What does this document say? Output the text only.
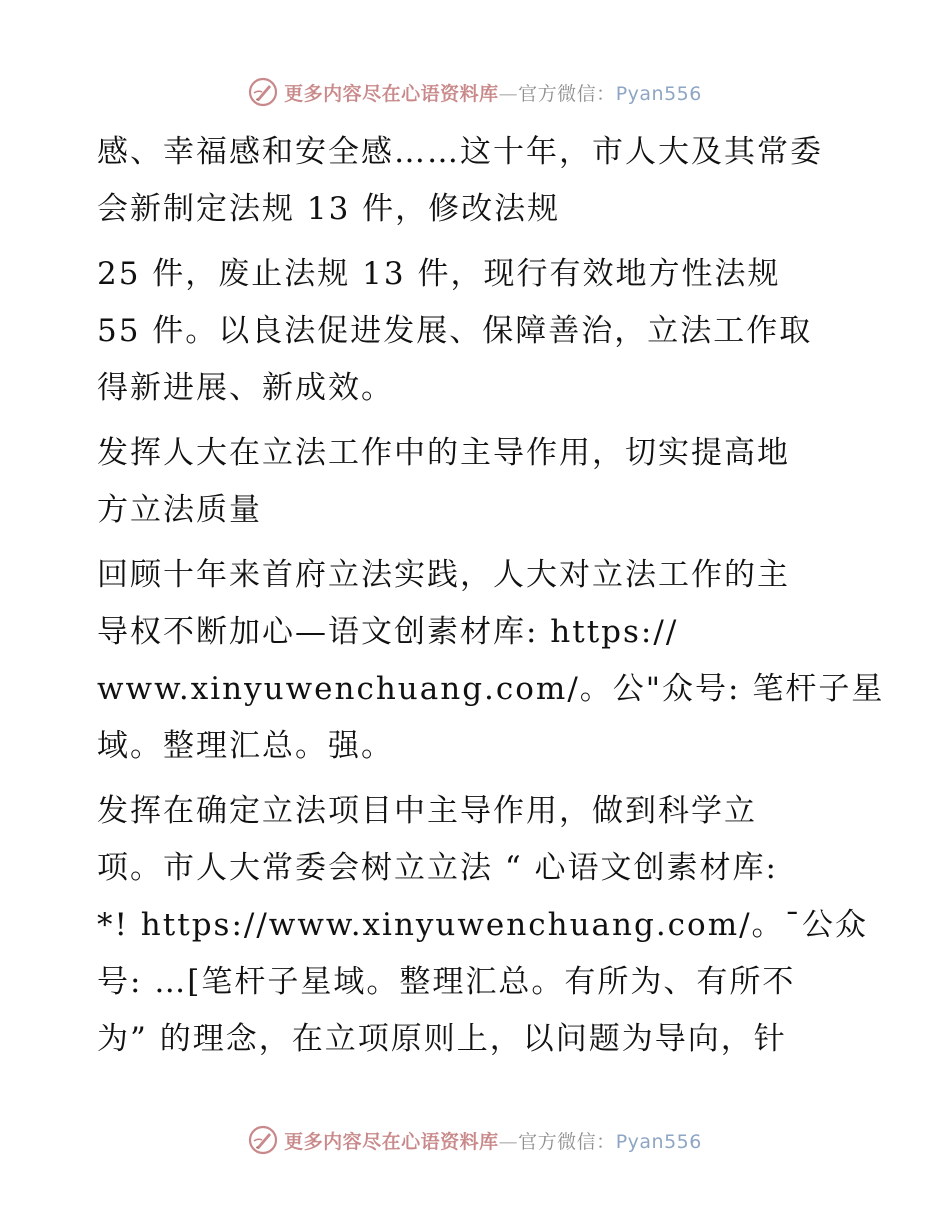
更多内容尽在心语资料库—官方微信：Pyan556

感、幸福感和安全感……这十年，市人大及其常委
会新制定法规 13 件，修改法规

25 件，废止法规 13 件，现行有效地方性法规
55 件。以良法促进发展、保障善治，立法工作取
得新进展、新成效。

发挥人大在立法工作中的主导作用，切实提高地
方立法质量

回顾十年来首府立法实践，人大对立法工作的主
导权不断加心—语文创素材库: https://
www.xinyuwenchuang.com/。公"众号: 笔杆子星
域。整理汇总。强。

发挥在确定立法项目中主导作用，做到科学立
项。市人大常委会树立立法 “ 心语文创素材库:
*! https://www.xinyuwenchuang.com/。¯公众
号: …[笔杆子星域。整理汇总。有所为、有所不
为” 的理念，在立项原则上，以问题为导向，针

更多内容尽在心语资料库—官方微信：Pyan556
